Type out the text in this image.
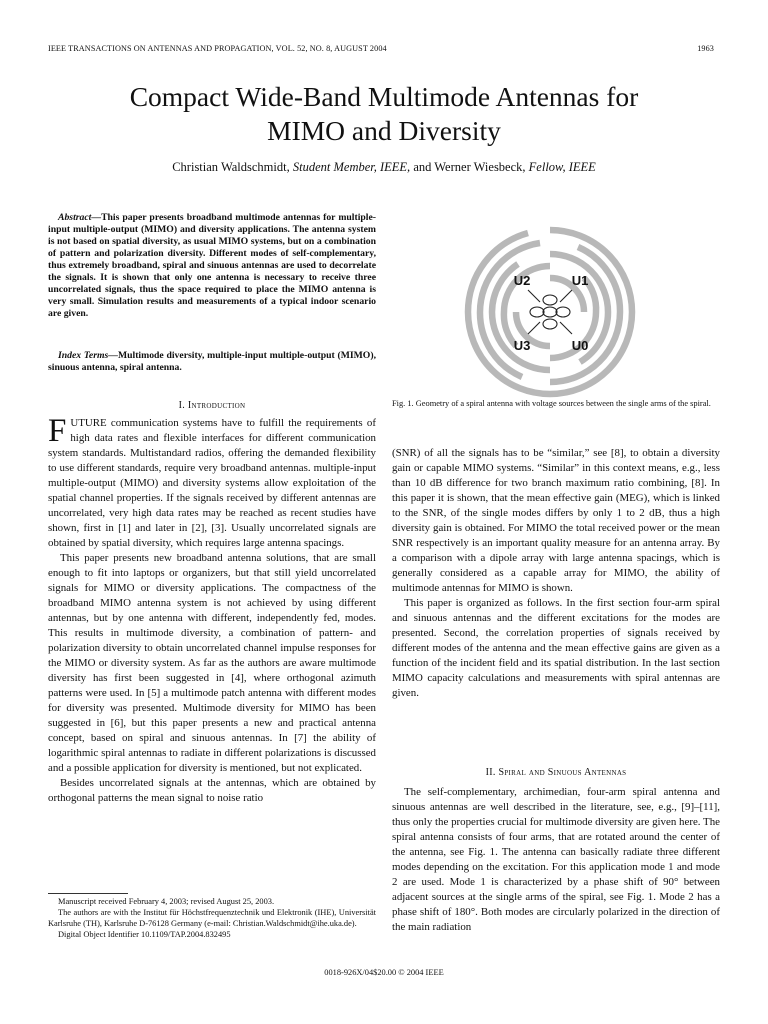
IEEE TRANSACTIONS ON ANTENNAS AND PROPAGATION, VOL. 52, NO. 8, AUGUST 2004	1963
Compact Wide-Band Multimode Antennas for
MIMO and Diversity
Christian Waldschmidt, Student Member, IEEE, and Werner Wiesbeck, Fellow, IEEE
Abstract—This paper presents broadband multimode antennas for multiple-input multiple-output (MIMO) and diversity applications. The antenna system is not based on spatial diversity, as usual MIMO systems, but on a combination of pattern and polarization diversity. Different modes of self-complementary, thus extremely broadband, spiral and sinuous antennas are used to decorrelate the signals. It is shown that only one antenna is necessary to receive three uncorrelated signals, thus the space required to place the MIMO antenna is very small. Simulation results and measurements of a typical indoor scenario are given.
Index Terms—Multimode diversity, multiple-input multiple-output (MIMO), sinuous antenna, spiral antenna.
I. Introduction

FUTURE communication systems have to fulfill the requirements of high data rates and flexible interfaces for different communication system standards. Multistandard radios, offering the demanded flexibility to use different standards, require very broadband antennas. multiple-input multiple-output (MIMO) and diversity systems allow exploitation of the spatial channel properties. If the signals received by different antennas are uncorrelated, very high data rates may be reached as recent studies have shown, first in [1] and later in [2], [3]. Usually uncorrelated signals are obtained by spatial diversity, which requires large antenna spacings.

This paper presents new broadband antenna solutions, that are small enough to fit into laptops or organizers, but that still yield uncorrelated signals for MIMO or diversity applications. The compactness of the broadband MIMO antenna system is not achieved by using different antennas, but by one antenna with different, independently fed, modes. This results in multimode diversity, a combination of pattern- and polarization diversity to obtain uncorrelated channel impulse responses for the MIMO or diversity system. As far as the authors are aware multimode diversity has first been suggested in [4], where orthogonal azimuth patterns were used. In [5] a multimode patch antenna with different modes for diversity was presented. Multimode diversity for MIMO has been suggested in [6], but this paper presents a new and practical antenna concept, based on spiral and sinuous antennas. In [7] the ability of logarithmic spiral antennas to radiate in different polarizations is discussed and a possible application for diversity is mentioned, but not explicated.

Besides uncorrelated signals at the antennas, which are obtained by orthogonal patterns the mean signal to noise ratio

Manuscript received February 4, 2003; revised August 25, 2003.

The authors are with the Institut für Höchstfrequenztechnik und Elektronik (IHE), Universität Karlsruhe (TH), Karlsruhe D-76128 Germany (e-mail: Christian.Waldschmidt@ihe.uka.de).

Digital Object Identifier 10.1109/TAP.2004.832495

U2	U1
U3	U0
Fig. 1. Geometry of a spiral antenna with voltage sources between the single arms of the spiral.

(SNR) of all the signals has to be “similar,” see [8], to obtain a diversity gain or capable MIMO systems. “Similar” in this context means, e.g., less than 10 dB difference for two branch maximum ratio combining, [8]. In this paper it is shown, that the mean effective gain (MEG), which is linked to the SNR, of the single modes differs by only 1 to 2 dB, thus a high diversity gain is obtained. For MIMO the total received power or the mean SNR respectively is an important quality measure for an antenna array. By a comparison with a dipole array with large antenna spacings, which is generally considered as a capable array for MIMO, the ability of multimode antennas for MIMO is shown.

This paper is organized as follows. In the first section four-arm spiral and sinuous antennas and the different excitations for the modes are presented. Second, the correlation properties of signals received by different modes of the antenna and the mean effective gains are given as a function of the incident field and its spatial distribution. In the last section MIMO capacity calculations and measurements with spiral antennas are given.

II. Spiral and Sinuous Antennas

The self-complementary, archimedian, four-arm spiral antenna and sinuous antennas are well described in the literature, see, e.g., [9]–[11], thus only the properties crucial for multimode diversity are given here. The spiral antenna consists of four arms, that are rotated around the center of the antenna, see Fig. 1. The antenna can basically radiate three different modes depending on the excitation. For this application mode 1 and mode 2 are used. Mode 1 is characterized by a phase shift of 90° between adjacent sources at the single arms of the spiral, see Fig. 1. Mode 2 has a phase shift of 180°. Both modes are circularly polarized in the direction of the main radiation

0018-926X/04$20.00 © 2004 IEEE
